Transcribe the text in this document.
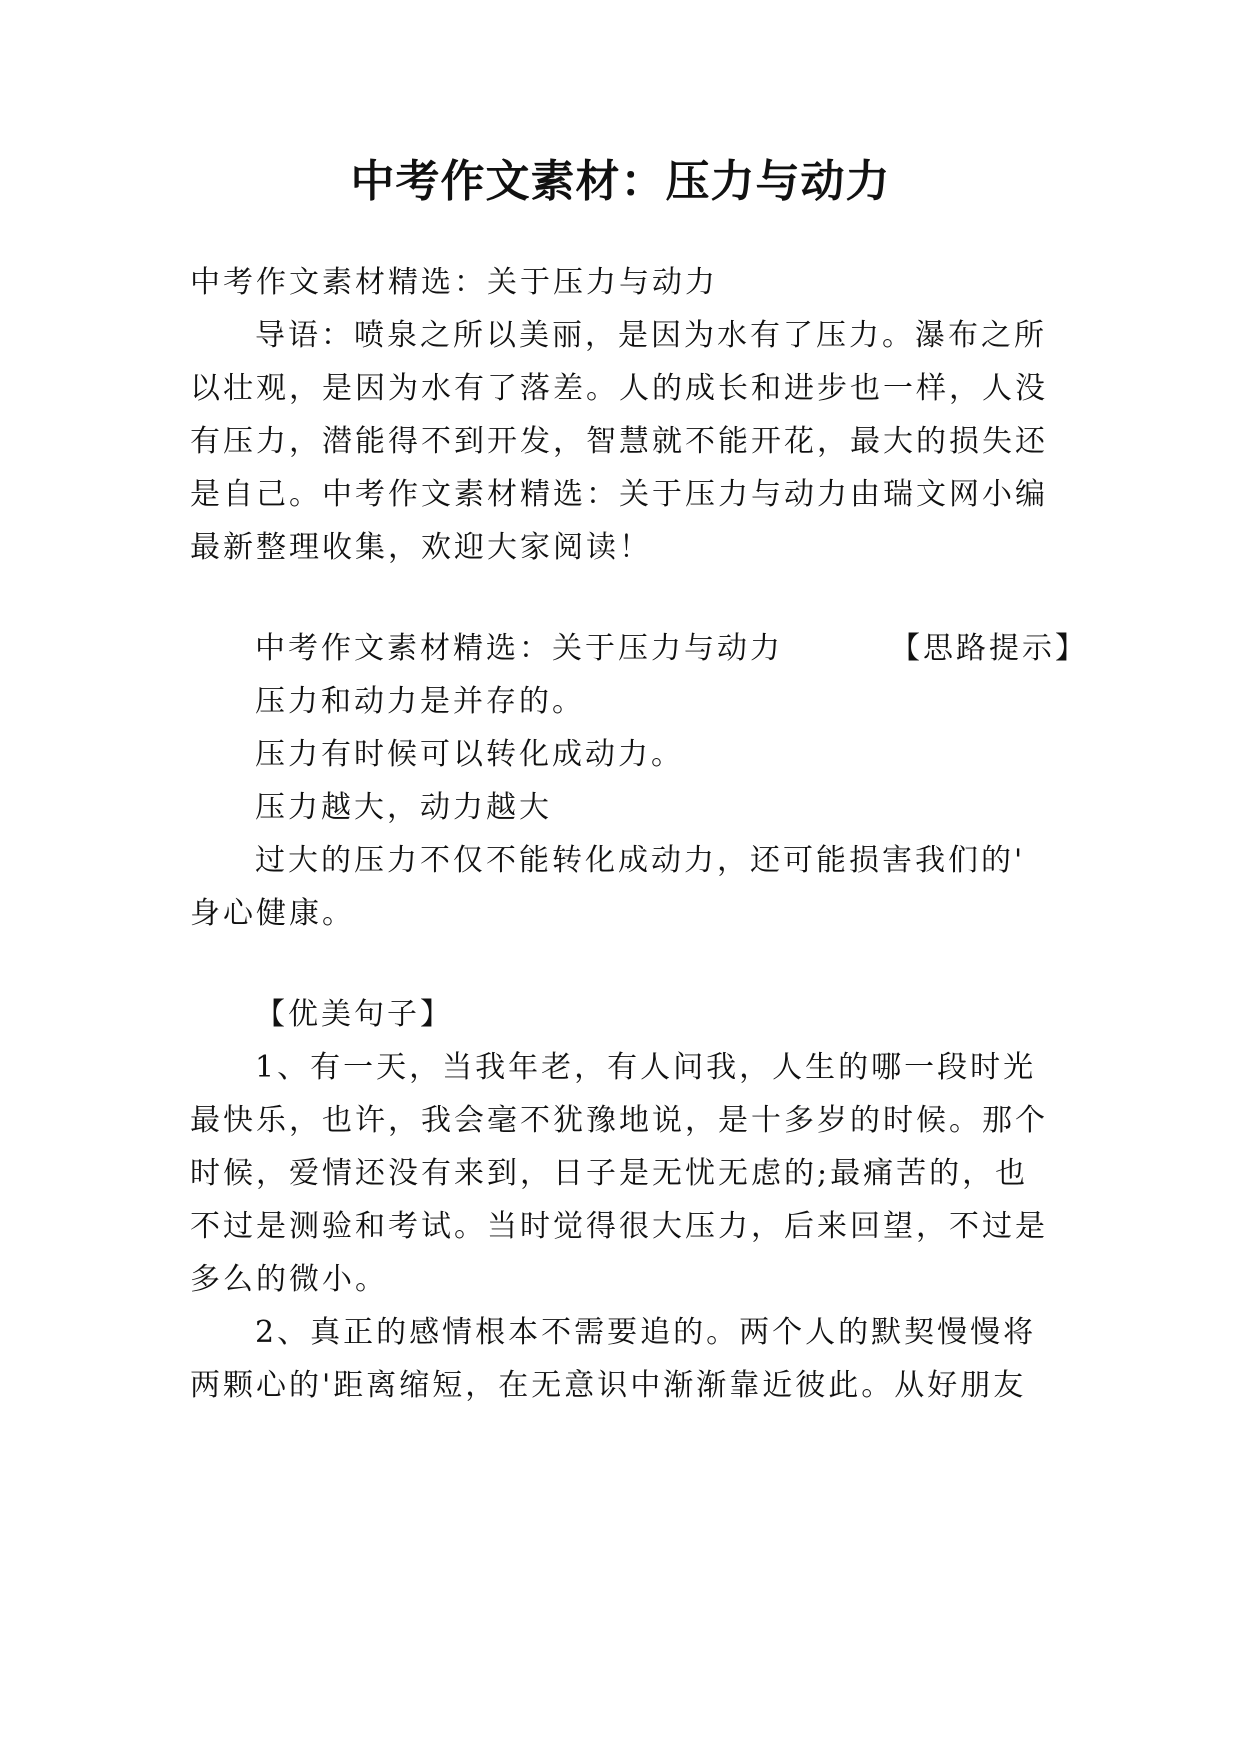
中考作文素材：压力与动力
中考作文素材精选：关于压力与动力
导语：喷泉之所以美丽，是因为水有了压力。瀑布之所
以壮观，是因为水有了落差。人的成长和进步也一样，人没
有压力，潜能得不到开发，智慧就不能开花，最大的损失还
是自己。中考作文素材精选：关于压力与动力由瑞文网小编
最新整理收集，欢迎大家阅读！
中考作文素材精选：关于压力与动力	【思路提示】
压力和动力是并存的。
压力有时候可以转化成动力。
压力越大，动力越大
过大的压力不仅不能转化成动力，还可能损害我们的'
身心健康。
【优美句子】
1、有一天，当我年老，有人问我，人生的哪一段时光
最快乐，也许，我会毫不犹豫地说，是十多岁的时候。那个
时候，爱情还没有来到，日子是无忧无虑的;最痛苦的，也
不过是测验和考试。当时觉得很大压力，后来回望，不过是
多么的微小。
2、真正的感情根本不需要追的。两个人的默契慢慢将
两颗心的'距离缩短，在无意识中渐渐靠近彼此。从好朋友
